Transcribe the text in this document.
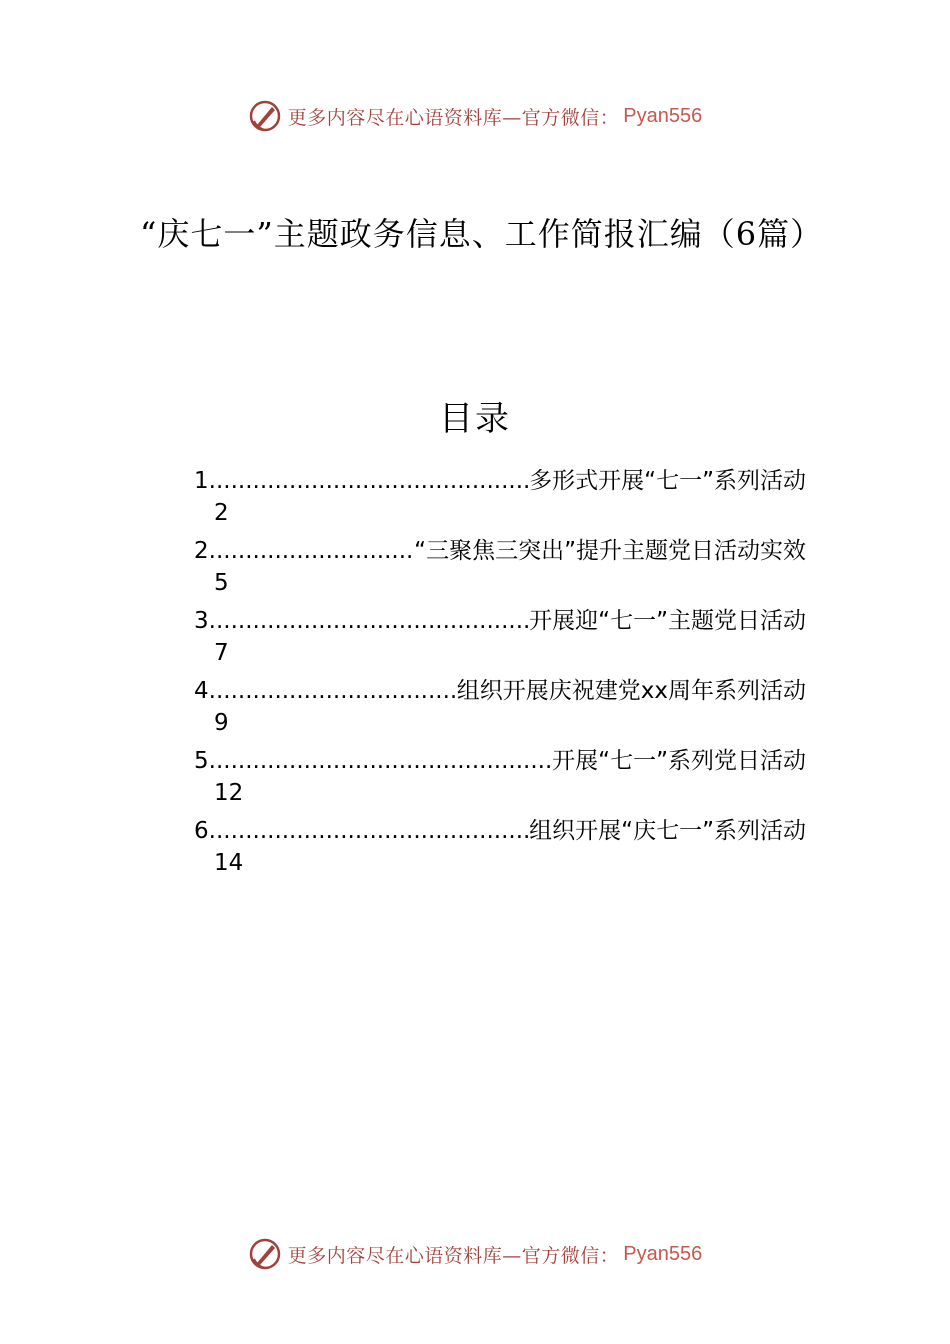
更多内容尽在心语资料库—官方微信： Pyan556
“庆七一”主题政务信息、工作简报汇编（6篇）
目录
1 .....	多形式开展“七一”系列活动
2
2 .....	“三聚焦三突出”提升主题党日活动实效
5
3 .....	开展迎“七一”主题党日活动
7
4 .....	组织开展庆祝建党xx周年系列活动
9
5 .....	开展“七一”系列党日活动
12
6 .....	组织开展“庆七一”系列活动
14
更多内容尽在心语资料库—官方微信： Pyan556
